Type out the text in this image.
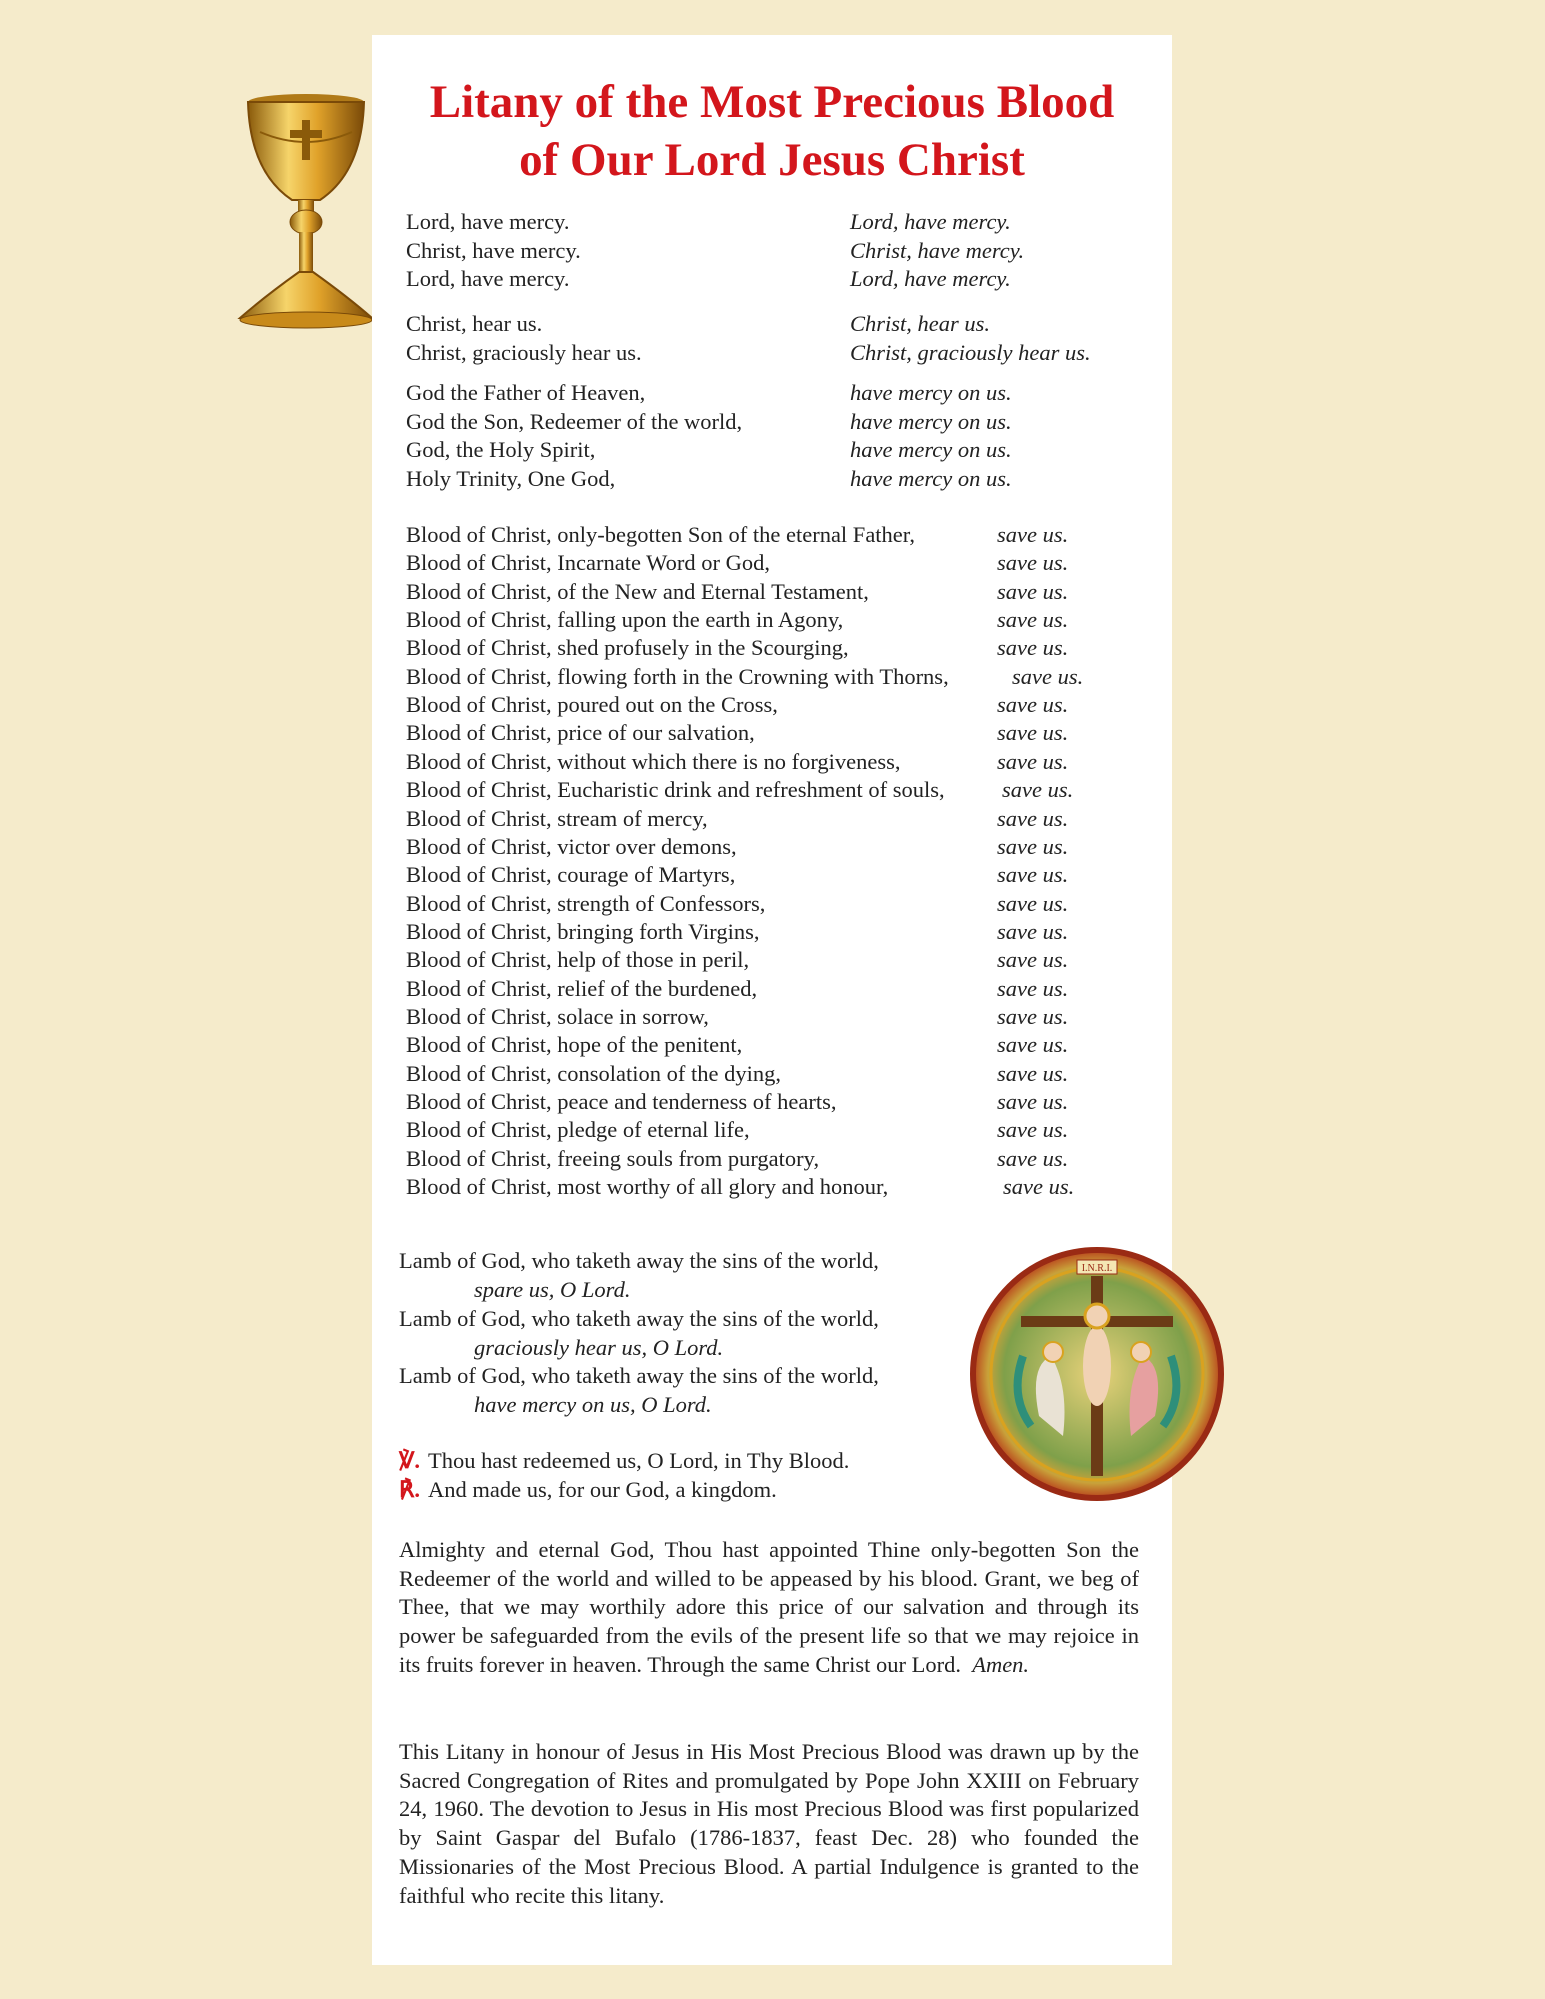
Litany of the Most Precious Blood
of Our Lord Jesus Christ
Lord, have mercy.	Lord, have mercy.
Christ, have mercy.	Christ, have mercy.
Lord, have mercy.	Lord, have mercy.
Christ, hear us.	Christ, hear us.
Christ, graciously hear us.	Christ, graciously hear us.
God the Father of Heaven,	have mercy on us.
God the Son, Redeemer of the world,	have mercy on us.
God, the Holy Spirit,	have mercy on us.
Holy Trinity, One God,	have mercy on us.
Blood of Christ, only-begotten Son of the eternal Father,	save us.
Blood of Christ, Incarnate Word or God,	save us.
Blood of Christ, of the New and Eternal Testament,	save us.
Blood of Christ, falling upon the earth in Agony,	save us.
Blood of Christ, shed profusely in the Scourging,	save us.
Blood of Christ, flowing forth in the Crowning with Thorns,	save us.
Blood of Christ, poured out on the Cross,	save us.
Blood of Christ, price of our salvation,	save us.
Blood of Christ, without which there is no forgiveness,	save us.
Blood of Christ, Eucharistic drink and refreshment of souls,	save us.
Blood of Christ, stream of mercy,	save us.
Blood of Christ, victor over demons,	save us.
Blood of Christ, courage of Martyrs,	save us.
Blood of Christ, strength of Confessors,	save us.
Blood of Christ, bringing forth Virgins,	save us.
Blood of Christ, help of those in peril,	save us.
Blood of Christ, relief of the burdened,	save us.
Blood of Christ, solace in sorrow,	save us.
Blood of Christ, hope of the penitent,	save us.
Blood of Christ, consolation of the dying,	save us.
Blood of Christ, peace and tenderness of hearts,	save us.
Blood of Christ, pledge of eternal life,	save us.
Blood of Christ, freeing souls from purgatory,	save us.
Blood of Christ, most worthy of all glory and honour,	save us.
Lamb of God, who taketh away the sins of the world,
spare us, O Lord.
Lamb of God, who taketh away the sins of the world,
graciously hear us, O Lord.
Lamb of God, who taketh away the sins of the world,
have mercy on us, O Lord.
℣. Thou hast redeemed us, O Lord, in Thy Blood.
℟. And made us, for our God, a kingdom.
Almighty and eternal God, Thou hast appointed Thine only-begotten Son the Redeemer of the world and willed to be appeased by his blood. Grant, we beg of Thee, that we may worthily adore this price of our salvation and through its power be safeguarded from the evils of the present life so that we may rejoice in its fruits forever in heaven. Through the same Christ our Lord. Amen.
This Litany in honour of Jesus in His Most Precious Blood was drawn up by the Sacred Congregation of Rites and promulgated by Pope John XXIII on February 24, 1960. The devotion to Jesus in His most Precious Blood was first popularized by Saint Gaspar del Bufalo (1786-1837, feast Dec. 28) who founded the Missionaries of the Most Precious Blood. A partial Indulgence is granted to the faithful who recite this litany.
I.N.R.I.
